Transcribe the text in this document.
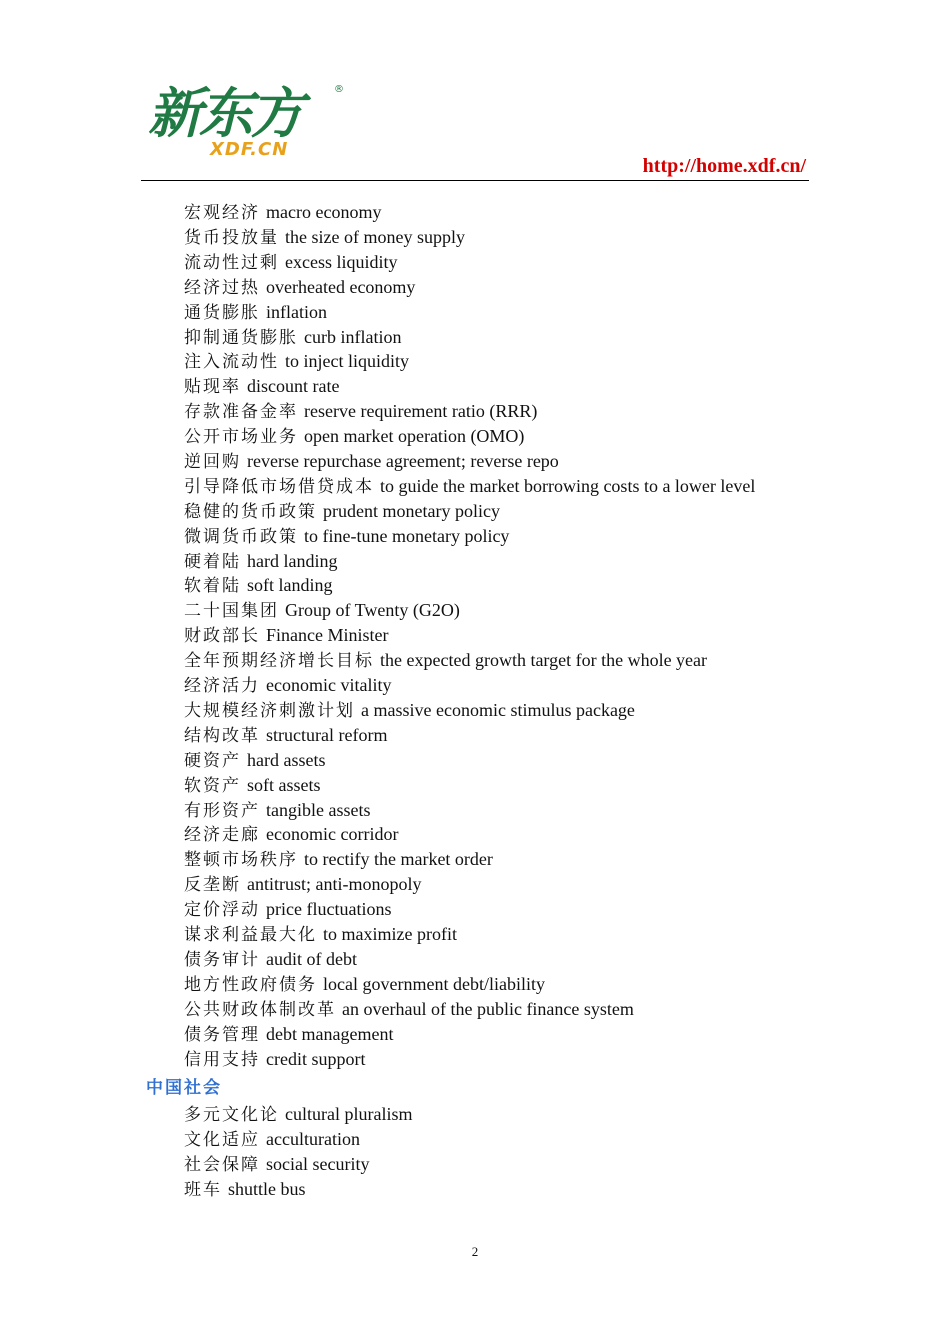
新东方	®
XDF.CN
http://home.xdf.cn/
宏观经济 macro economy
货币投放量 the size of money supply
流动性过剩 excess liquidity
经济过热 overheated economy
通货膨胀 inflation
抑制通货膨胀 curb inflation
注入流动性 to inject liquidity
贴现率 discount rate
存款准备金率 reserve requirement ratio (RRR)
公开市场业务 open market operation (OMO)
逆回购 reverse repurchase agreement; reverse repo
引导降低市场借贷成本 to guide the market borrowing costs to a lower level
稳健的货币政策 prudent monetary policy
微调货币政策 to fine-tune monetary policy
硬着陆 hard landing
软着陆 soft landing
二十国集团 Group of Twenty (G2O)
财政部长 Finance Minister
全年预期经济增长目标 the expected growth target for the whole year
经济活力 economic vitality
大规模经济刺激计划 a massive economic stimulus package
结构改革 structural reform
硬资产 hard assets
软资产 soft assets
有形资产 tangible assets
经济走廊 economic corridor
整顿市场秩序 to rectify the market order
反垄断 antitrust; anti-monopoly
定价浮动 price fluctuations
谋求利益最大化 to maximize profit
债务审计 audit of debt
地方性政府债务 local government debt/liability
公共财政体制改革 an overhaul of the public finance system
债务管理 debt management
信用支持 credit support
中国社会
多元文化论 cultural pluralism
文化适应 acculturation
社会保障 social security
班车 shuttle bus
2
